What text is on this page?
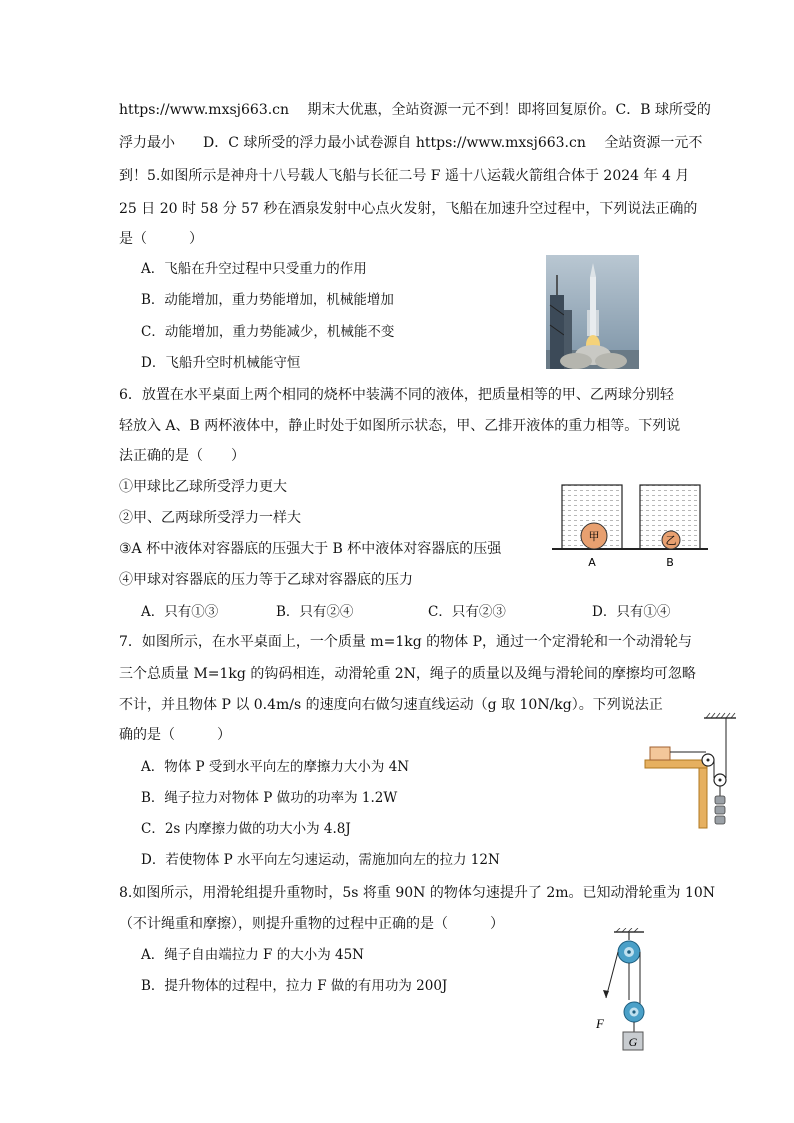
https://www.mxsj663.cn　 期末大优惠，全站资源一元不到！即将回复原价。C．B 球所受的
浮力最小　　D．C 球所受的浮力最小试卷源自 https://www.mxsj663.cn　 全站资源一元不
到！5.如图所示是神舟十八号载人飞船与长征二号 F 遥十八运载火箭组合体于 2024 年 4 月
25 日 20 时 58 分 57 秒在酒泉发射中心点火发射，飞船在加速升空过程中，下列说法正确的
是（　　　）
A．飞船在升空过程中只受重力的作用
B．动能增加，重力势能增加，机械能增加
C．动能增加，重力势能减少，机械能不变
D．飞船升空时机械能守恒
6．放置在水平桌面上两个相同的烧杯中装满不同的液体，把质量相等的甲、乙两球分别轻
轻放入 A、B 两杯液体中，静止时处于如图所示状态，甲、乙排开液体的重力相等。下列说
法正确的是（　　）
①甲球比乙球所受浮力更大
②甲、乙两球所受浮力一样大
③A 杯中液体对容器底的压强大于 B 杯中液体对容器底的压强
④甲球对容器底的压力等于乙球对容器底的压力
A．只有①③	B．只有②④	C．只有②③	D．只有①④
甲	乙
A	B
7．如图所示，在水平桌面上，一个质量 m=1kg 的物体 P，通过一个定滑轮和一个动滑轮与
三个总质量 M=1kg 的钩码相连，动滑轮重 2N，绳子的质量以及绳与滑轮间的摩擦均可忽略
不计，并且物体 P 以 0.4m/s 的速度向右做匀速直线运动（g 取 10N/kg）。下列说法正
确的是（　　　）
A．物体 P 受到水平向左的摩擦力大小为 4N
B．绳子拉力对物体 P 做功的功率为 1.2W
C．2s 内摩擦力做的功大小为 4.8J
D．若使物体 P 水平向左匀速运动，需施加向左的拉力 12N
8.如图所示，用滑轮组提升重物时，5s 将重 90N 的物体匀速提升了 2m。已知动滑轮重为 10N
（不计绳重和摩擦），则提升重物的过程中正确的是（　　　）
A．绳子自由端拉力 F 的大小为 45N
B．提升物体的过程中，拉力 F 做的有用功为 200J
F
G
